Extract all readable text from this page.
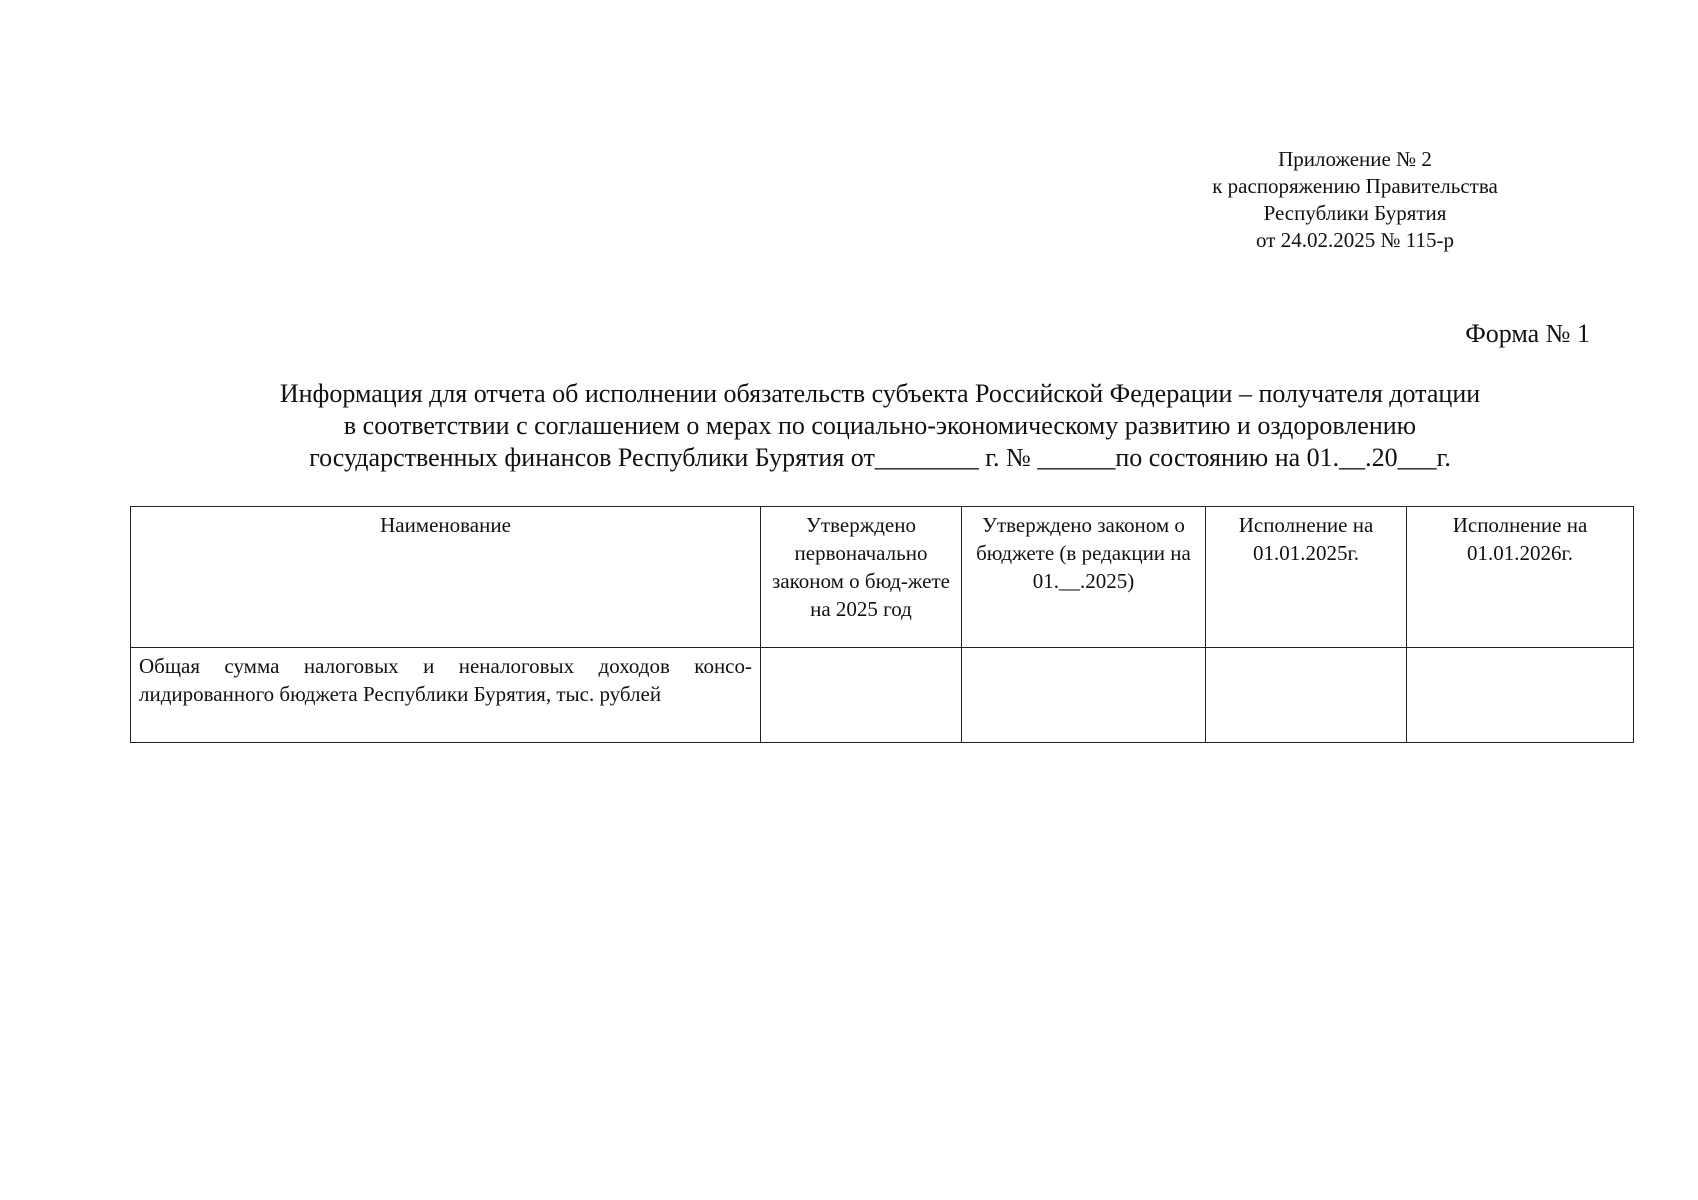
Приложение № 2
к распоряжению Правительства
Республики Бурятия
от 24.02.2025 № 115-р
Форма № 1
Информация для отчета об исполнении обязательств субъекта Российской Федерации – получателя дотации
в соответствии с соглашением о мерах по социально-экономическому развитию и оздоровлению
государственных финансов Республики Бурятия от________ г. № ______по состоянию на 01.__.20___г.
Наименование	Утверждено первоначально законом о бюд-жете на 2025 год	Утверждено законом о бюджете (в редакции на 01.__.2025)	Исполнение на 01.01.2025г.	Исполнение на 01.01.2026г.
Общая сумма налоговых и неналоговых доходов консо-лидированного бюджета Республики Бурятия, тыс. рублей				
